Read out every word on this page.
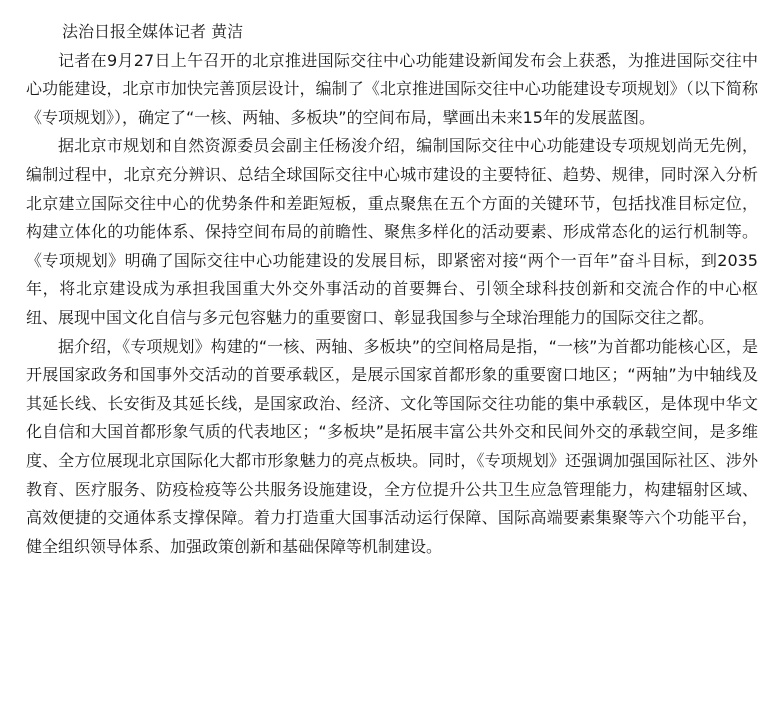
法治日报全媒体记者 黄洁

记者在9月27日上午召开的北京推进国际交往中心功能建设新闻发布会上获悉，为推进国际交往中心功能建设，北京市加快完善顶层设计，编制了《北京推进国际交往中心功能建设专项规划》（以下简称《专项规划》），确定了“一核、两轴、多板块”的空间布局，擘画出未来15年的发展蓝图。

据北京市规划和自然资源委员会副主任杨浚介绍，编制国际交往中心功能建设专项规划尚无先例，编制过程中，北京充分辨识、总结全球国际交往中心城市建设的主要特征、趋势、规律，同时深入分析北京建立国际交往中心的优势条件和差距短板，重点聚焦在五个方面的关键环节，包括找准目标定位，构建立体化的功能体系、保持空间布局的前瞻性、聚焦多样化的活动要素、形成常态化的运行机制等。《专项规划》明确了国际交往中心功能建设的发展目标，即紧密对接“两个一百年”奋斗目标，到2035年，将北京建设成为承担我国重大外交外事活动的首要舞台、引领全球科技创新和交流合作的中心枢纽、展现中国文化自信与多元包容魅力的重要窗口、彰显我国参与全球治理能力的国际交往之都。

据介绍，《专项规划》构建的“一核、两轴、多板块”的空间格局是指，“一核”为首都功能核心区，是开展国家政务和国事外交活动的首要承载区，是展示国家首都形象的重要窗口地区；“两轴”为中轴线及其延长线、长安街及其延长线，是国家政治、经济、文化等国际交往功能的集中承载区，是体现中华文化自信和大国首都形象气质的代表地区；“多板块”是拓展丰富公共外交和民间外交的承载空间，是多维度、全方位展现北京国际化大都市形象魅力的亮点板块。同时，《专项规划》还强调加强国际社区、涉外教育、医疗服务、防疫检疫等公共服务设施建设，全方位提升公共卫生应急管理能力，构建辐射区域、高效便捷的交通体系支撑保障。着力打造重大国事活动运行保障、国际高端要素集聚等六个功能平台，健全组织领导体系、加强政策创新和基础保障等机制建设。
